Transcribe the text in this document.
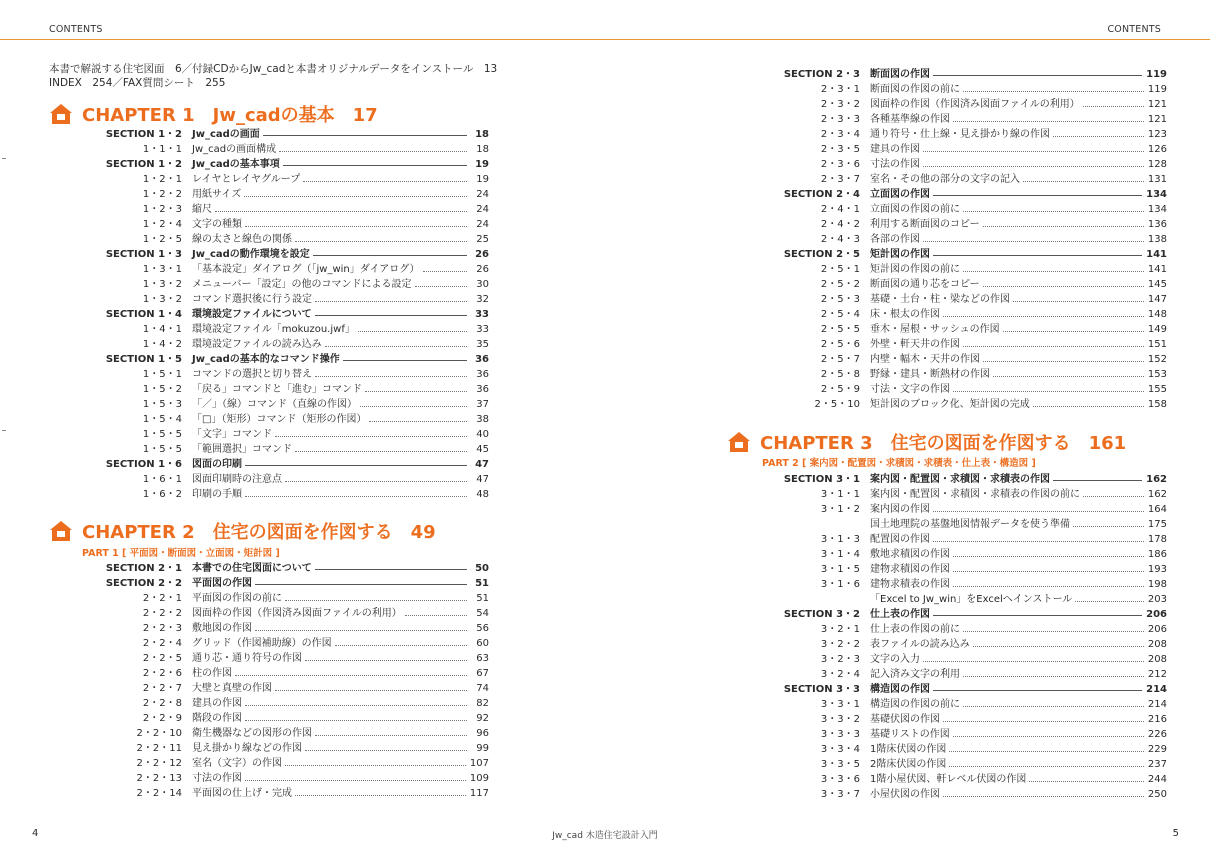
CONTENTS	CONTENTS
本書で解説する住宅図面　6／付録CDからJw_cadと本書オリジナルデータをインストール　13
INDEX　254／FAX質問シート　255
CHAPTER 1　Jw_cadの基本　17
SECTION 1・2 Jw_cadの画面	18
1・1・1 Jw_cadの画面構成	18
SECTION 1・2 Jw_cadの基本事項	19
1・2・1 レイヤとレイヤグループ	19
1・2・2 用紙サイズ	24
1・2・3 縮尺	24
1・2・4 文字の種類	24
1・2・5 線の太さと線色の関係	25
SECTION 1・3 Jw_cadの動作環境を設定	26
1・3・1 「基本設定」ダイアログ（「jw_win」ダイアログ）	26
1・3・2 メニューバー「設定」の他のコマンドによる設定	30
1・3・2 コマンド選択後に行う設定	32
SECTION 1・4 環境設定ファイルについて	33
1・4・1 環境設定ファイル「mokuzou.jwf」	33
1・4・2 環境設定ファイルの読み込み	35
SECTION 1・5 Jw_cadの基本的なコマンド操作	36
1・5・1 コマンドの選択と切り替え	36
1・5・2 「戻る」コマンドと「進む」コマンド	36
1・5・3 「／」（線）コマンド（直線の作図）	37
1・5・4 「□」（矩形）コマンド（矩形の作図）	38
1・5・5 「文字」コマンド	40
1・5・5 「範囲選択」コマンド	45
SECTION 1・6 図面の印刷	47
1・6・1 図面印刷時の注意点	47
1・6・2 印刷の手順	48
CHAPTER 2　住宅の図面を作図する　49
PART 1 [ 平面図・断面図・立面図・矩計図 ]
SECTION 2・1 本書での住宅図面について	50
SECTION 2・2 平面図の作図	51
2・2・1 平面図の作図の前に	51
2・2・2 図面枠の作図（作図済み図面ファイルの利用）	54
2・2・3 敷地図の作図	56
2・2・4 グリッド（作図補助線）の作図	60
2・2・5 通り芯・通り符号の作図	63
2・2・6 柱の作図	67
2・2・7 大壁と真壁の作図	74
2・2・8 建具の作図	82
2・2・9 階段の作図	92
2・2・10 衛生機器などの図形の作図	96
2・2・11 見え掛かり線などの作図	99
2・2・12 室名（文字）の作図	107
2・2・13 寸法の作図	109
2・2・14 平面図の仕上げ・完成	117
SECTION 2・3 断面図の作図	119
2・3・1 断面図の作図の前に	119
2・3・2 図面枠の作図（作図済み図面ファイルの利用）	121
2・3・3 各種基準線の作図	121
2・3・4 通り符号・仕上線・見え掛かり線の作図	123
2・3・5 建具の作図	126
2・3・6 寸法の作図	128
2・3・7 室名・その他の部分の文字の記入	131
SECTION 2・4 立面図の作図	134
2・4・1 立面図の作図の前に	134
2・4・2 利用する断面図のコピー	136
2・4・3 各部の作図	138
SECTION 2・5 矩計図の作図	141
2・5・1 矩計図の作図の前に	141
2・5・2 断面図の通り芯をコピー	145
2・5・3 基礎・土台・柱・梁などの作図	147
2・5・4 床・根太の作図	148
2・5・5 垂木・屋根・サッシュの作図	149
2・5・6 外壁・軒天井の作図	151
2・5・7 内壁・幅木・天井の作図	152
2・5・8 野縁・建具・断熱材の作図	153
2・5・9 寸法・文字の作図	155
2・5・10 矩計図のブロック化、矩計図の完成	158
CHAPTER 3　住宅の図面を作図する　161
PART 2 [ 案内図・配置図・求積図・求積表・仕上表・構造図 ]
SECTION 3・1 案内図・配置図・求積図・求積表の作図	162
3・1・1 案内図・配置図・求積図・求積表の作図の前に	162
3・1・2 案内図の作図	164
国土地理院の基盤地図情報データを使う準備	175
3・1・3 配置図の作図	178
3・1・4 敷地求積図の作図	186
3・1・5 建物求積図の作図	193
3・1・6 建物求積表の作図	198
「Excel to Jw_win」をExcelへインストール	203
SECTION 3・2 仕上表の作図	206
3・2・1 仕上表の作図の前に	206
3・2・2 表ファイルの読み込み	208
3・2・3 文字の入力	208
3・2・4 記入済み文字の利用	212
SECTION 3・3 構造図の作図	214
3・3・1 構造図の作図の前に	214
3・3・2 基礎伏図の作図	216
3・3・3 基礎リストの作図	226
3・3・4 1階床伏図の作図	229
3・3・5 2階床伏図の作図	237
3・3・6 1階小屋伏図、軒レベル伏図の作図	244
3・3・7 小屋伏図の作図	250
4	Jw_cad 木造住宅設計入門	5
